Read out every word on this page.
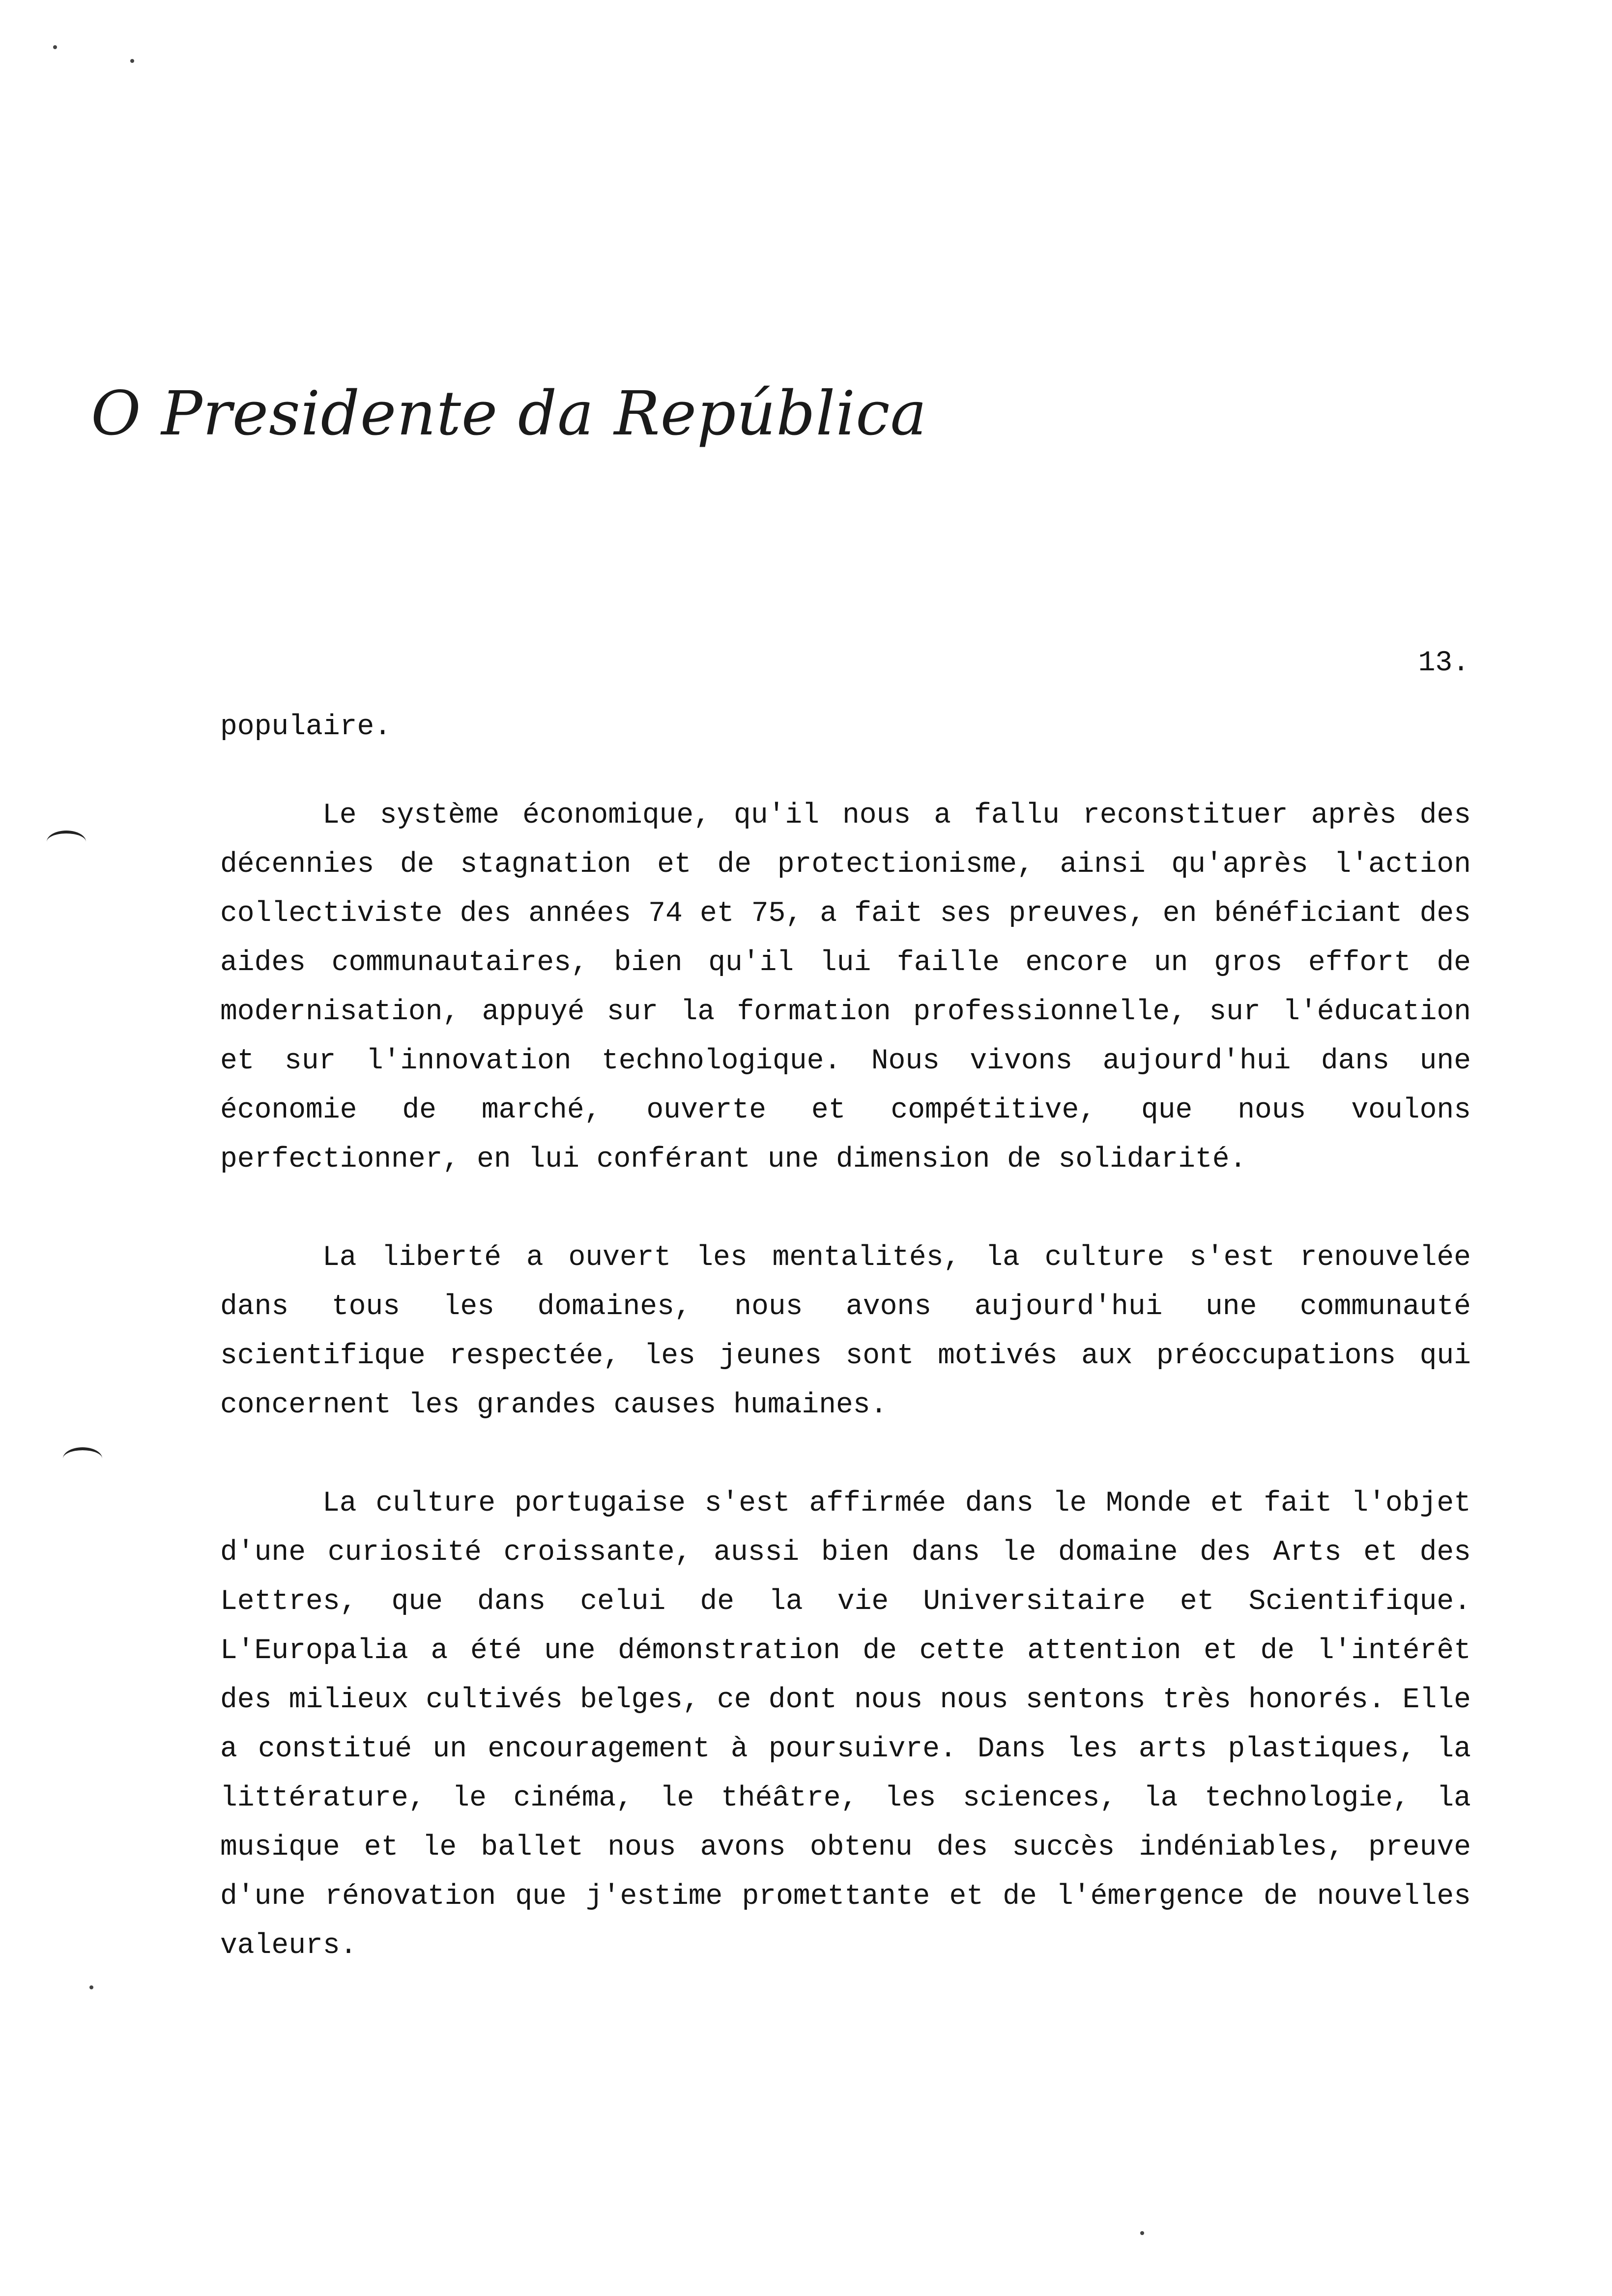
O Presidente da República
13.

populaire.

Le système économique, qu'il nous a fallu reconstituer après des décennies de stagnation et de protectionisme, ainsi qu'après l'action collectiviste des années 74 et 75, a fait ses preuves, en bénéficiant des aides communautaires, bien qu'il lui faille encore un gros effort de modernisation, appuyé sur la formation professionnelle, sur l'éducation et sur l'innovation technologique. Nous vivons aujourd'hui dans une économie de marché, ouverte et compétitive, que nous voulons perfectionner, en lui conférant une dimension de solidarité.

La liberté a ouvert les mentalités, la culture s'est renouvelée dans tous les domaines, nous avons aujourd'hui une communauté scientifique respectée, les jeunes sont motivés aux préoccupations qui concernent les grandes causes humaines.

La culture portugaise s'est affirmée dans le Monde et fait l'objet d'une curiosité croissante, aussi bien dans le domaine des Arts et des Lettres, que dans celui de la vie Universitaire et Scientifique. L'Europalia a été une démonstration de cette attention et de l'intérêt des milieux cultivés belges, ce dont nous nous sentons très honorés. Elle a constitué un encouragement à poursuivre. Dans les arts plastiques, la littérature, le cinéma, le théâtre, les sciences, la technologie, la musique et le ballet nous avons obtenu des succès indéniables, preuve d'une rénovation que j'estime promettante et de l'émergence de nouvelles valeurs.
